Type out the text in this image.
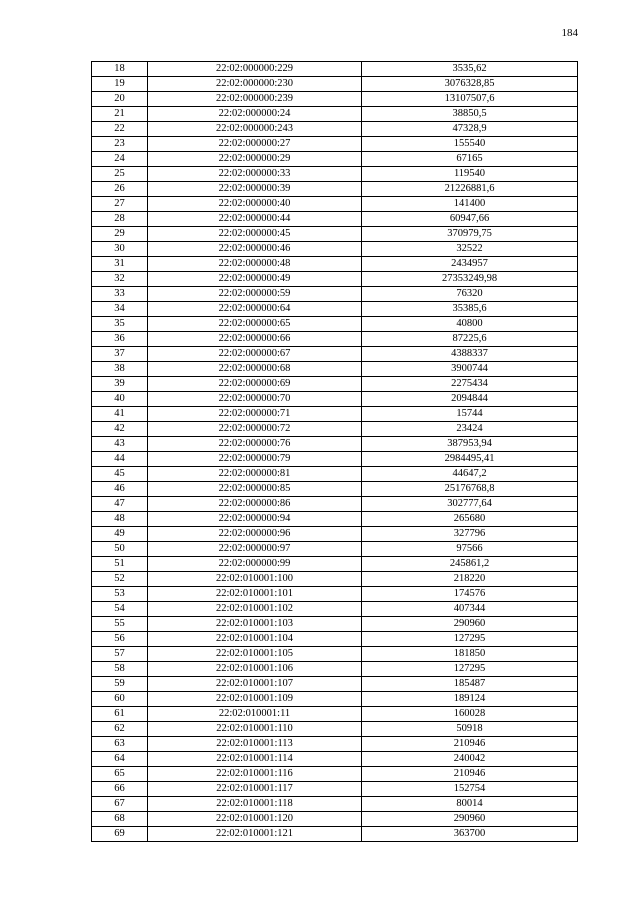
184
18	22:02:000000:229	3535,62
19	22:02:000000:230	3076328,85
20	22:02:000000:239	13107507,6
21	22:02:000000:24	38850,5
22	22:02:000000:243	47328,9
23	22:02:000000:27	155540
24	22:02:000000:29	67165
25	22:02:000000:33	119540
26	22:02:000000:39	21226881,6
27	22:02:000000:40	141400
28	22:02:000000:44	60947,66
29	22:02:000000:45	370979,75
30	22:02:000000:46	32522
31	22:02:000000:48	2434957
32	22:02:000000:49	27353249,98
33	22:02:000000:59	76320
34	22:02:000000:64	35385,6
35	22:02:000000:65	40800
36	22:02:000000:66	87225,6
37	22:02:000000:67	4388337
38	22:02:000000:68	3900744
39	22:02:000000:69	2275434
40	22:02:000000:70	2094844
41	22:02:000000:71	15744
42	22:02:000000:72	23424
43	22:02:000000:76	387953,94
44	22:02:000000:79	2984495,41
45	22:02:000000:81	44647,2
46	22:02:000000:85	25176768,8
47	22:02:000000:86	302777,64
48	22:02:000000:94	265680
49	22:02:000000:96	327796
50	22:02:000000:97	97566
51	22:02:000000:99	245861,2
52	22:02:010001:100	218220
53	22:02:010001:101	174576
54	22:02:010001:102	407344
55	22:02:010001:103	290960
56	22:02:010001:104	127295
57	22:02:010001:105	181850
58	22:02:010001:106	127295
59	22:02:010001:107	185487
60	22:02:010001:109	189124
61	22:02:010001:11	160028
62	22:02:010001:110	50918
63	22:02:010001:113	210946
64	22:02:010001:114	240042
65	22:02:010001:116	210946
66	22:02:010001:117	152754
67	22:02:010001:118	80014
68	22:02:010001:120	290960
69	22:02:010001:121	363700
